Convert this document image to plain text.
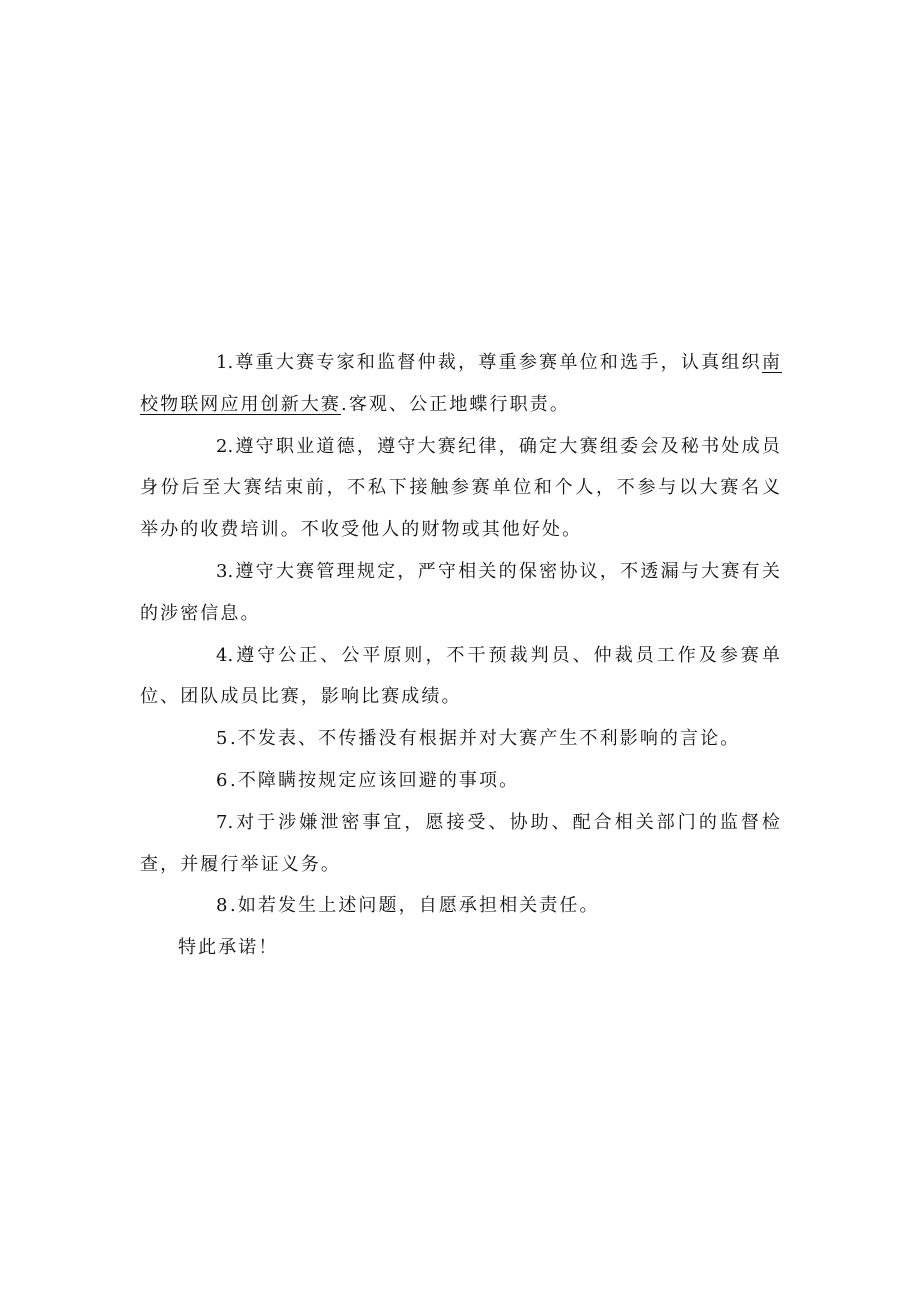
1.尊重大赛专家和监督仲裁，尊重参赛单位和选手，认真组织南校物联网应用创新大赛.客观、公正地蝶行职责。

2.遵守职业道德，遵守大赛纪律，确定大赛组委会及秘书处成员身份后至大赛结束前，不私下接触参赛单位和个人，不参与以大赛名义举办的收费培训。不收受他人的财物或其他好处。

3.遵守大赛管理规定，严守相关的保密协议，不透漏与大赛有关的涉密信息。

4.遵守公正、公平原则，不干预裁判员、仲裁员工作及参赛单位、团队成员比赛，影响比赛成绩。

5 .不发表、不传播没有根据并对大赛产生不利影响的言论。

6 .不障瞒按规定应该回避的事项。

7.对于涉嫌泄密事宜，愿接受、协助、配合相关部门的监督检查，并履行举证义务。

8 .如若发生上述问题，自愿承担相关责任。

特此承诺！
